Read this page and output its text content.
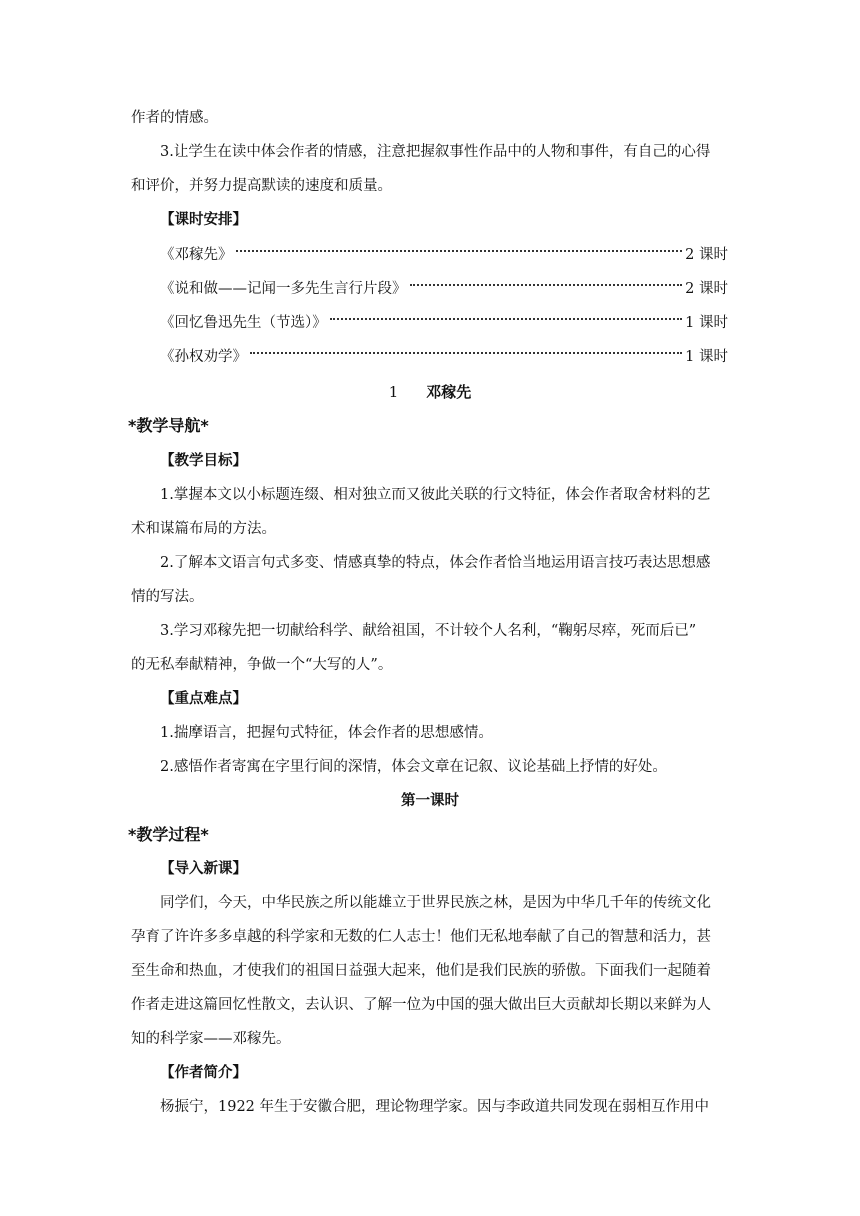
作者的情感。
3.让学生在读中体会作者的情感，注意把握叙事性作品中的人物和事件，有自己的心得
和评价，并努力提高默读的速度和质量。
【课时安排】
《邓稼先》	2 课时
《说和做——记闻一多先生言行片段》	2 课时
《回忆鲁迅先生（节选）》	1 课时
《孙权劝学》	1 课时
1 邓稼先
*教学导航*
【教学目标】
1.掌握本文以小标题连缀、相对独立而又彼此关联的行文特征，体会作者取舍材料的艺
术和谋篇布局的方法。
2.了解本文语言句式多变、情感真挚的特点，体会作者恰当地运用语言技巧表达思想感
情的写法。
3.学习邓稼先把一切献给科学、献给祖国，不计较个人名利，“鞠躬尽瘁，死而后已”
的无私奉献精神，争做一个“大写的人”。
【重点难点】
1.揣摩语言，把握句式特征，体会作者的思想感情。
2.感悟作者寄寓在字里行间的深情，体会文章在记叙、议论基础上抒情的好处。
第一课时
*教学过程*
【导入新课】
同学们，今天，中华民族之所以能雄立于世界民族之林，是因为中华几千年的传统文化
孕育了许许多多卓越的科学家和无数的仁人志士！他们无私地奉献了自己的智慧和活力，甚
至生命和热血，才使我们的祖国日益强大起来，他们是我们民族的骄傲。下面我们一起随着
作者走进这篇回忆性散文，去认识、了解一位为中国的强大做出巨大贡献却长期以来鲜为人
知的科学家——邓稼先。
【作者简介】
杨振宁，1922 年生于安徽合肥，理论物理学家。因与李政道共同发现在弱相互作用中
